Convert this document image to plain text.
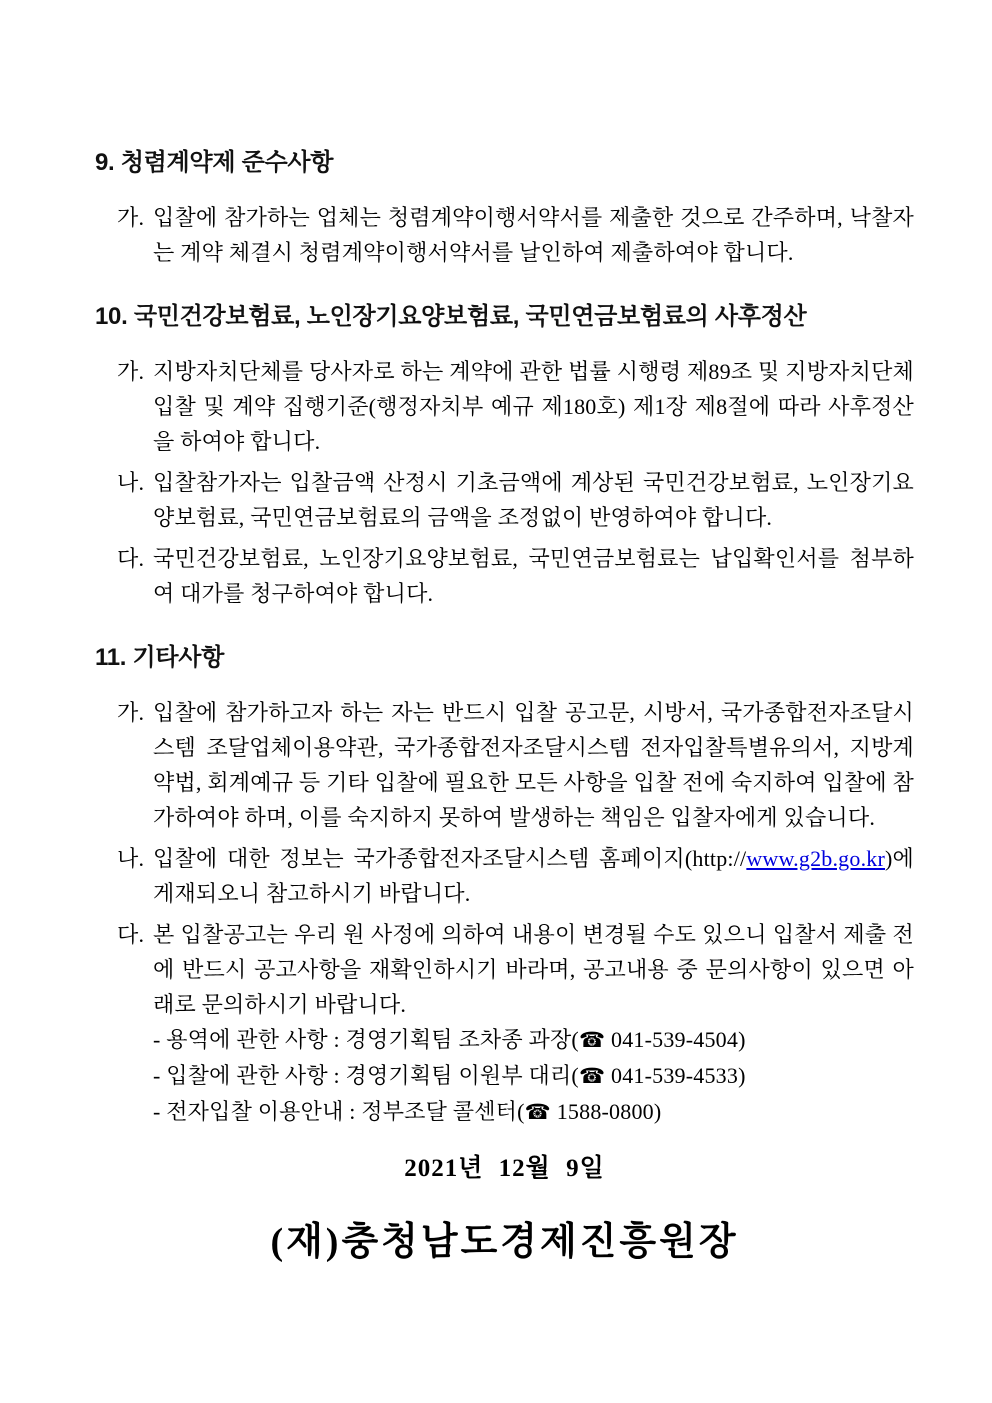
9. 청렴계약제 준수사항
가. 입찰에 참가하는 업체는 청렴계약이행서약서를 제출한 것으로 간주하며, 낙찰자는 계약 체결시 청렴계약이행서약서를 날인하여 제출하여야 합니다.

10. 국민건강보험료, 노인장기요양보험료, 국민연금보험료의 사후정산
가. 지방자치단체를 당사자로 하는 계약에 관한 법률 시행령 제89조 및 지방자치단체 입찰 및 계약 집행기준(행정자치부 예규 제180호) 제1장 제8절에 따라 사후정산을 하여야 합니다.

나. 입찰참가자는 입찰금액 산정시 기초금액에 계상된 국민건강보험료, 노인장기요양보험료, 국민연금보험료의 금액을 조정없이 반영하여야 합니다.

다. 국민건강보험료, 노인장기요양보험료, 국민연금보험료는 납입확인서를 첨부하여 대가를 청구하여야 합니다.

11. 기타사항
가. 입찰에 참가하고자 하는 자는 반드시 입찰 공고문, 시방서, 국가종합전자조달시스템 조달업체이용약관, 국가종합전자조달시스템 전자입찰특별유의서, 지방계약법, 회계예규 등 기타 입찰에 필요한 모든 사항을 입찰 전에 숙지하여 입찰에 참가하여야 하며, 이를 숙지하지 못하여 발생하는 책임은 입찰자에게 있습니다.

나. 입찰에 대한 정보는 국가종합전자조달시스템 홈페이지(http://www.g2b.go.kr)에 게재되오니 참고하시기 바랍니다.

다. 본 입찰공고는 우리 원 사정에 의하여 내용이 변경될 수도 있으니 입찰서 제출 전에 반드시 공고사항을 재확인하시기 바라며, 공고내용 중 문의사항이 있으면 아래로 문의하시기 바랍니다.

- 용역에 관한 사항 : 경영기획팀 조차종 과장(☎ 041-539-4504)
- 입찰에 관한 사항 : 경영기획팀 이원부 대리(☎ 041-539-4533)
- 전자입찰 이용안내 : 정부조달 콜센터(☎ 1588-0800)
2021년 12월 9일
(재)충청남도경제진흥원장
